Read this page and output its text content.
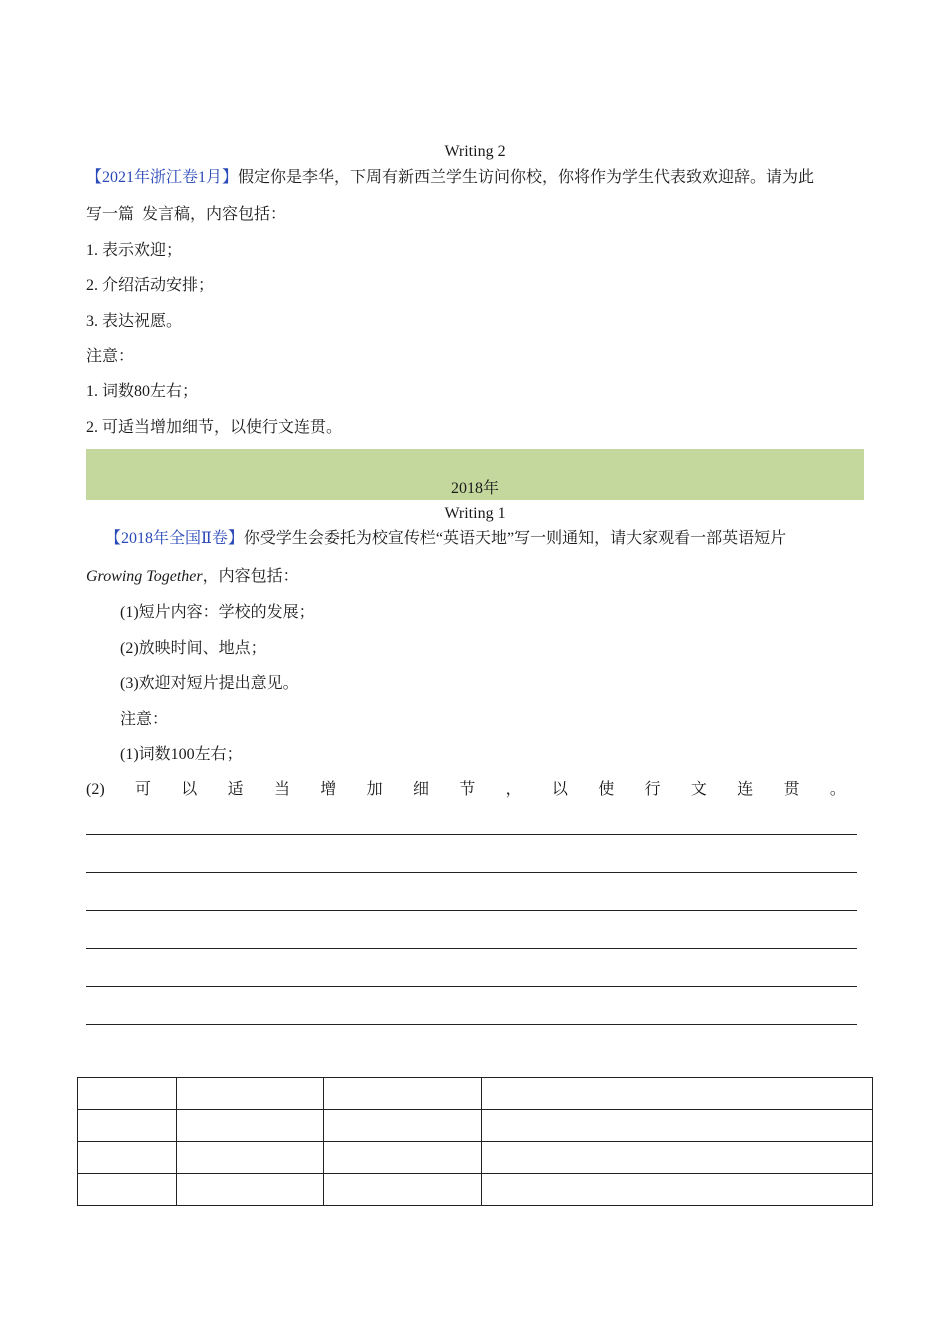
Writing 2
【2021年浙江卷1月】假定你是李华，下周有新西兰学生访问你校，你将作为学生代表致欢迎辞。请为此
写一篇  发言稿，内容包括：
1. 表示欢迎；
2. 介绍活动安排；
3. 表达祝愿。
注意：
1. 词数80左右；
2. 可适当增加细节，以使行文连贯。
2018年
Writing 1
【2018年全国Ⅱ卷】你受学生会委托为校宣传栏“英语天地”写一则通知，请大家观看一部英语短片
Growing Together，内容包括：
(1)短片内容：学校的发展；
(2)放映时间、地点；
(3)欢迎对短片提出意见。
注意：
(1)词数100左右；
(2) 可 以 适 当 增 加 细 节 ， 以 使 行 文 连 贯 。
